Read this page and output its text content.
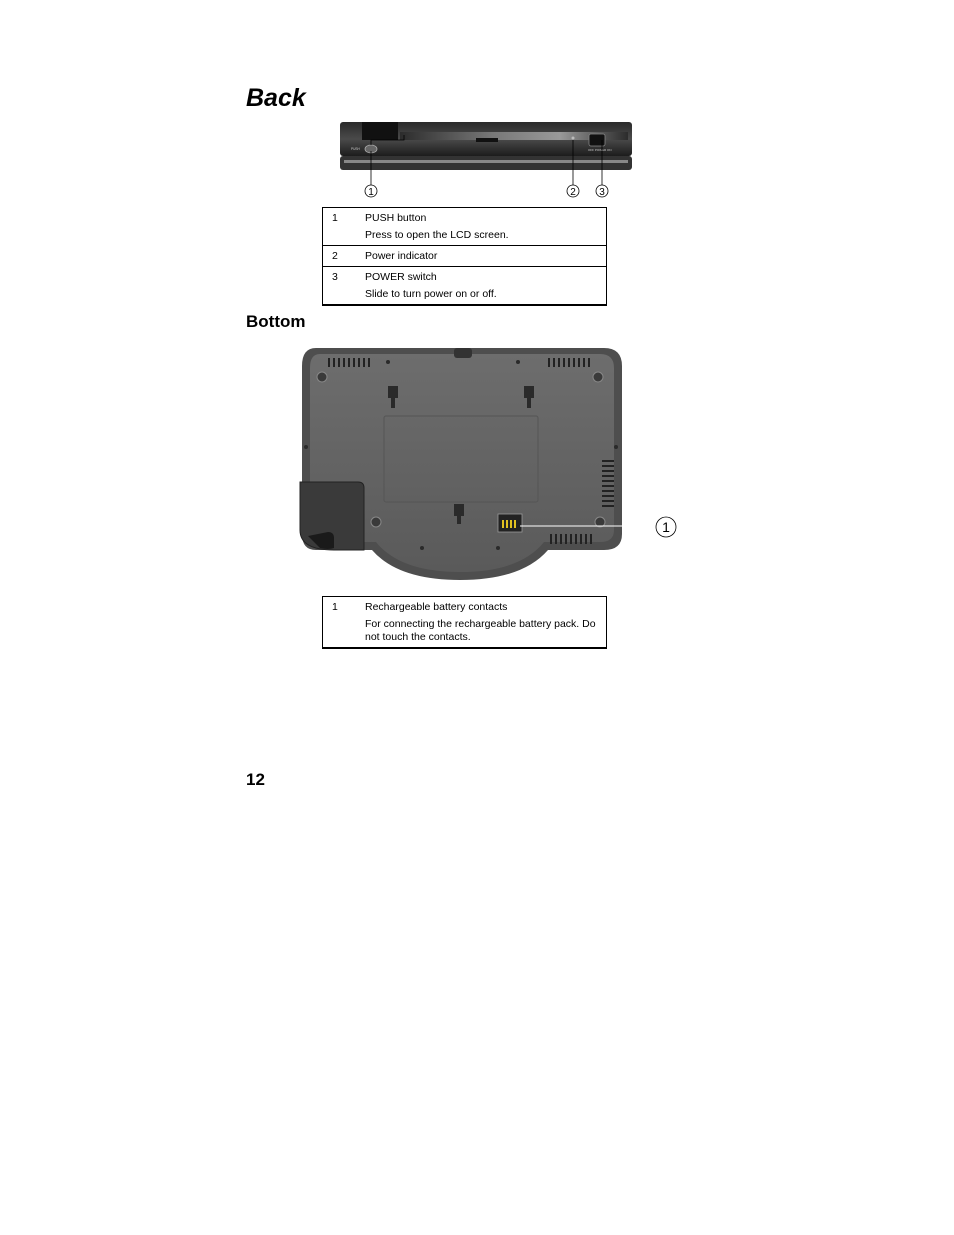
Back
PUSH	OFF POWER ON
1	2 3
1	PUSH button
Press to open the LCD screen.
2	Power indicator
3	POWER switch
Slide to turn power on or off.
Bottom
1
1	Rechargeable battery contacts
For connecting the rechargeable battery pack. Do not touch the contacts.
12
